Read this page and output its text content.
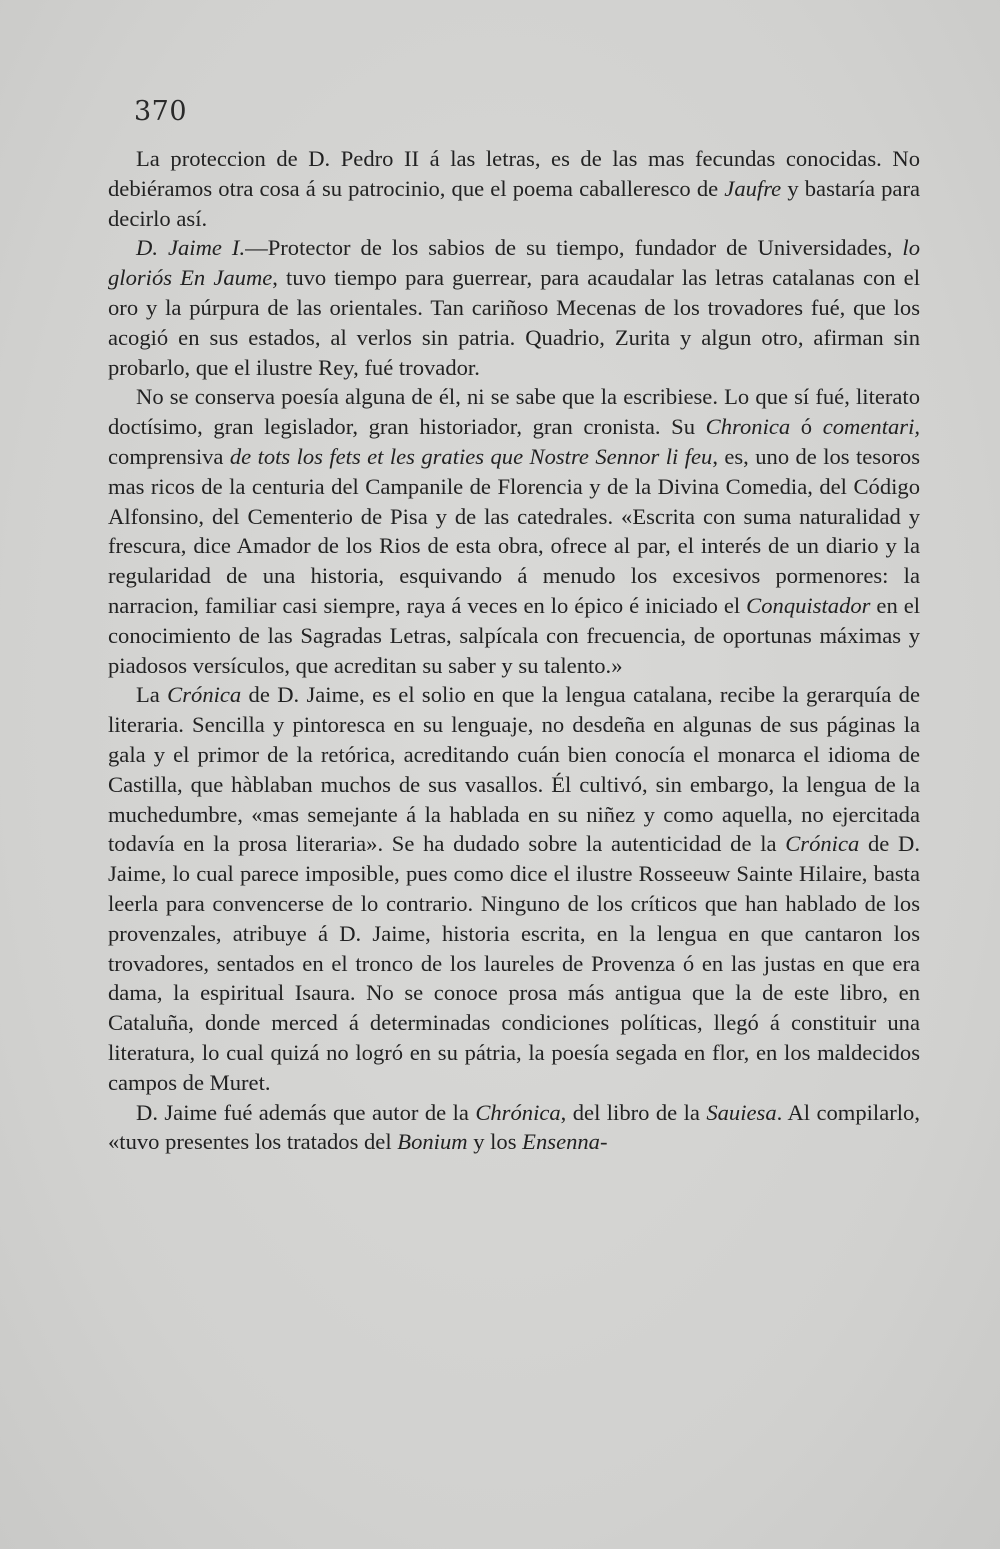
370

La proteccion de D. Pedro II á las letras, es de las mas fecundas conocidas. No debiéramos otra cosa á su patrocinio, que el poema caballeresco de Jaufre y bastaría para decirlo así.

D. Jaime I.—Protector de los sabios de su tiempo, fundador de Universidades, lo gloriós En Jaume, tuvo tiempo para guerrear, para acaudalar las letras catalanas con el oro y la púrpura de las orientales. Tan cariñoso Mecenas de los trovadores fué, que los acogió en sus estados, al verlos sin patria. Quadrio, Zurita y algun otro, afirman sin probarlo, que el ilustre Rey, fué trovador.

No se conserva poesía alguna de él, ni se sabe que la escribiese. Lo que sí fué, literato doctísimo, gran legislador, gran historiador, gran cronista. Su Chronica ó comentari, comprensiva de tots los fets et les graties que Nostre Sennor li feu, es, uno de los tesoros mas ricos de la centuria del Campanile de Florencia y de la Divina Comedia, del Código Alfonsino, del Cementerio de Pisa y de las catedrales. «Escrita con suma naturalidad y frescura, dice Amador de los Rios de esta obra, ofrece al par, el interés de un diario y la regularidad de una historia, esquivando á menudo los excesivos pormenores: la narracion, familiar casi siempre, raya á veces en lo épico é iniciado el Conquistador en el conocimiento de las Sagradas Letras, salpícala con frecuencia, de oportunas máximas y piadosos versículos, que acreditan su saber y su talento.»

La Crónica de D. Jaime, es el solio en que la lengua catalana, recibe la gerarquía de literaria. Sencilla y pintoresca en su lenguaje, no desdeña en algunas de sus páginas la gala y el primor de la retórica, acreditando cuán bien conocía el monarca el idioma de Castilla, que hàblaban muchos de sus vasallos. Él cultivó, sin embargo, la lengua de la muchedumbre, «mas semejante á la hablada en su niñez y como aquella, no ejercitada todavía en la prosa literaria». Se ha dudado sobre la autenticidad de la Crónica de D. Jaime, lo cual parece imposible, pues como dice el ilustre Rosseeuw Sainte Hilaire, basta leerla para convencerse de lo contrario. Ninguno de los críticos que han hablado de los provenzales, atribuye á D. Jaime, historia escrita, en la lengua en que cantaron los trovadores, sentados en el tronco de los laureles de Provenza ó en las justas en que era dama, la espiritual Isaura. No se conoce prosa más antigua que la de este libro, en Cataluña, donde merced á determinadas condiciones políticas, llegó á constituir una literatura, lo cual quizá no logró en su pátria, la poesía segada en flor, en los maldecidos campos de Muret.

D. Jaime fué además que autor de la Chrónica, del libro de la Sauiesa. Al compilarlo, «tuvo presentes los tratados del Bonium y los Ensenna-
